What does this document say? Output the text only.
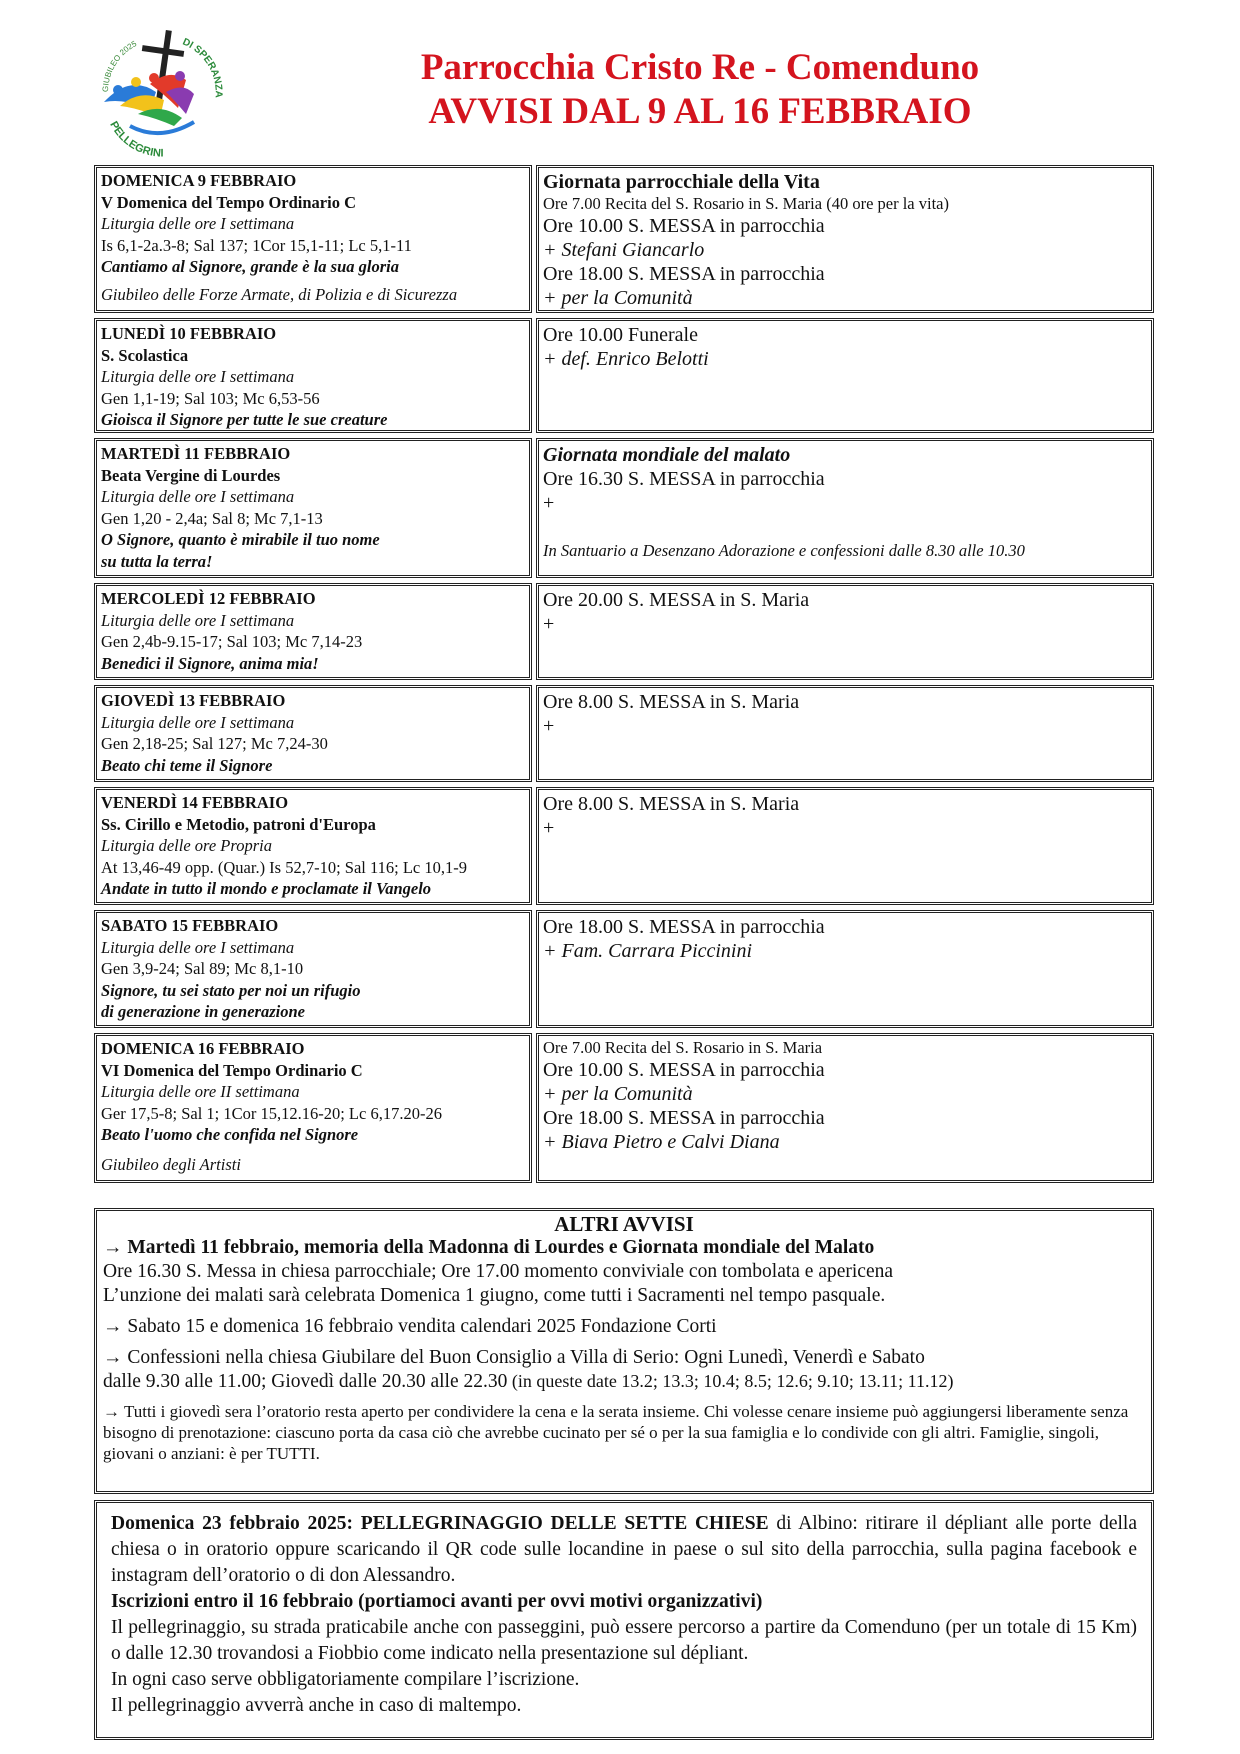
GIUBILEO 2025	DI SPERANZA
PELLEGRINI
Parrocchia Cristo Re - Comenduno
AVVISI DAL 9 AL 16 FEBBRAIO
DOMENICA 9 FEBBRAIO
V Domenica del Tempo Ordinario C
Liturgia delle ore I settimana
Is 6,1-2a.3-8; Sal 137; 1Cor 15,1-11; Lc 5,1-11
Cantiamo al Signore, grande è la sua gloria
Giubileo delle Forze Armate, di Polizia e di Sicurezza
Giornata parrocchiale della Vita
Ore 7.00 Recita del S. Rosario in S. Maria (40 ore per la vita)
Ore 10.00 S. MESSA in parrocchia
+ Stefani Giancarlo
Ore 18.00 S. MESSA in parrocchia
+ per la Comunità
LUNEDÌ 10 FEBBRAIO
S. Scolastica
Liturgia delle ore I settimana
Gen 1,1-19; Sal 103; Mc 6,53-56
Gioisca il Signore per tutte le sue creature
Ore 10.00 Funerale
+ def. Enrico Belotti
MARTEDÌ 11 FEBBRAIO
Beata Vergine di Lourdes
Liturgia delle ore I settimana
Gen 1,20 - 2,4a; Sal 8; Mc 7,1-13
O Signore, quanto è mirabile il tuo nome
su tutta la terra!
Giornata mondiale del malato
Ore 16.30 S. MESSA in parrocchia
+
In Santuario a Desenzano Adorazione e confessioni dalle 8.30 alle 10.30
MERCOLEDÌ 12 FEBBRAIO
Liturgia delle ore I settimana
Gen 2,4b-9.15-17; Sal 103; Mc 7,14-23
Benedici il Signore, anima mia!
Ore 20.00 S. MESSA in S. Maria
+
GIOVEDÌ 13 FEBBRAIO
Liturgia delle ore I settimana
Gen 2,18-25; Sal 127; Mc 7,24-30
Beato chi teme il Signore
Ore 8.00 S. MESSA in S. Maria
+
VENERDÌ 14 FEBBRAIO
Ss. Cirillo e Metodio, patroni d'Europa
Liturgia delle ore Propria
At 13,46-49 opp. (Quar.) Is 52,7-10; Sal 116; Lc 10,1-9
Andate in tutto il mondo e proclamate il Vangelo
Ore 8.00 S. MESSA in S. Maria
+
SABATO 15 FEBBRAIO
Liturgia delle ore I settimana
Gen 3,9-24; Sal 89; Mc 8,1-10
Signore, tu sei stato per noi un rifugio
di generazione in generazione
Ore 18.00 S. MESSA in parrocchia
+ Fam. Carrara Piccinini
DOMENICA 16 FEBBRAIO
VI Domenica del Tempo Ordinario C
Liturgia delle ore II settimana
Ger 17,5-8; Sal 1; 1Cor 15,12.16-20; Lc 6,17.20-26
Beato l'uomo che confida nel Signore
Giubileo degli Artisti
Ore 7.00 Recita del S. Rosario in S. Maria
Ore 10.00 S. MESSA in parrocchia
+ per la Comunità
Ore 18.00 S. MESSA in parrocchia
+ Biava Pietro e Calvi Diana
ALTRI AVVISI
→ Martedì 11 febbraio, memoria della Madonna di Lourdes e Giornata mondiale del Malato
Ore 16.30 S. Messa in chiesa parrocchiale; Ore 17.00 momento conviviale con tombolata e apericena
L’unzione dei malati sarà celebrata Domenica 1 giugno, come tutti i Sacramenti nel tempo pasquale.
→ Sabato 15 e domenica 16 febbraio vendita calendari 2025 Fondazione Corti
→ Confessioni nella chiesa Giubilare del Buon Consiglio a Villa di Serio: Ogni Lunedì, Venerdì e Sabato
dalle 9.30 alle 11.00; Giovedì dalle 20.30 alle 22.30 (in queste date 13.2; 13.3; 10.4; 8.5; 12.6; 9.10; 13.11; 11.12)
→ Tutti i giovedì sera l’oratorio resta aperto per condividere la cena e la serata insieme. Chi volesse cenare insieme può aggiungersi liberamente senza bisogno di prenotazione: ciascuno porta da casa ciò che avrebbe cucinato per sé o per la sua famiglia e lo condivide con gli altri. Famiglie, singoli, giovani o anziani: è per TUTTI.
Domenica 23 febbraio 2025: PELLEGRINAGGIO DELLE SETTE CHIESE di Albino: ritirare il dépliant alle porte della chiesa o in oratorio oppure scaricando il QR code sulle locandine in paese o sul sito della parrocchia, sulla pagina facebook e instagram dell’oratorio o di don Alessandro.
Iscrizioni entro il 16 febbraio (portiamoci avanti per ovvi motivi organizzativi)
Il pellegrinaggio, su strada praticabile anche con passeggini, può essere percorso a partire da Comenduno (per un totale di 15 Km) o dalle 12.30 trovandosi a Fiobbio come indicato nella presentazione sul dépliant.
In ogni caso serve obbligatoriamente compilare l’iscrizione.
Il pellegrinaggio avverrà anche in caso di maltempo.
